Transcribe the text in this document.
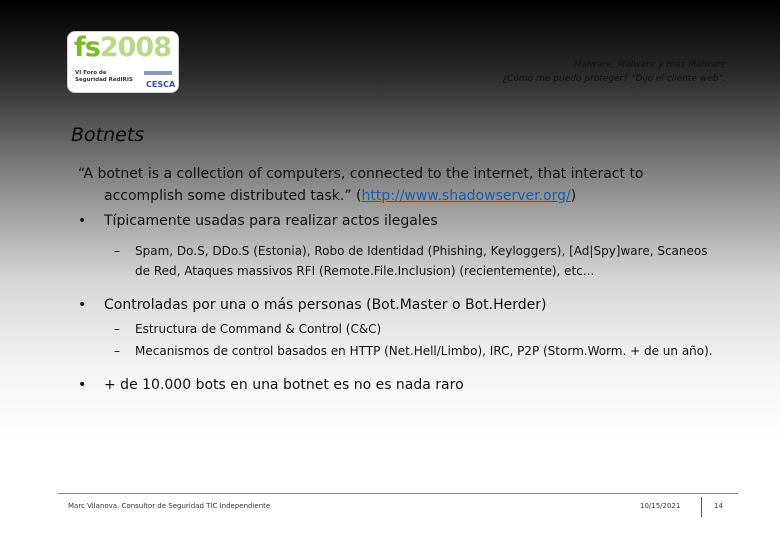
fs2008
VI Foro de
Seguridad RedIRIS CESCA
Malware, Malware y más Malware
¿Cómo me puedo proteger? “Dijo el cliente web”.
Botnets
“A botnet is a collection of computers, connected to the internet, that interact to accomplish some distributed task.” (http://www.shadowserver.org/)
• Típicamente usadas para realizar actos ilegales
– Spam, Do.S, DDo.S (Estonia), Robo de Identidad (Phishing, Keyloggers), [Ad|Spy]ware, Scaneos de Red, Ataques massivos RFI (Remote.File.Inclusion) (recientemente), etc...
• Controladas por una o más personas (Bot.Master o Bot.Herder)
– Estructura de Command & Control (C&C)
– Mecanismos de control basados en HTTP (Net.Hell/Limbo), IRC, P2P (Storm.Worm. + de un año).
• + de 10.000 bots en una botnet es no es nada raro
Marc Vilanova. Consultor de Seguridad TIC Independiente	10/15/2021	14
